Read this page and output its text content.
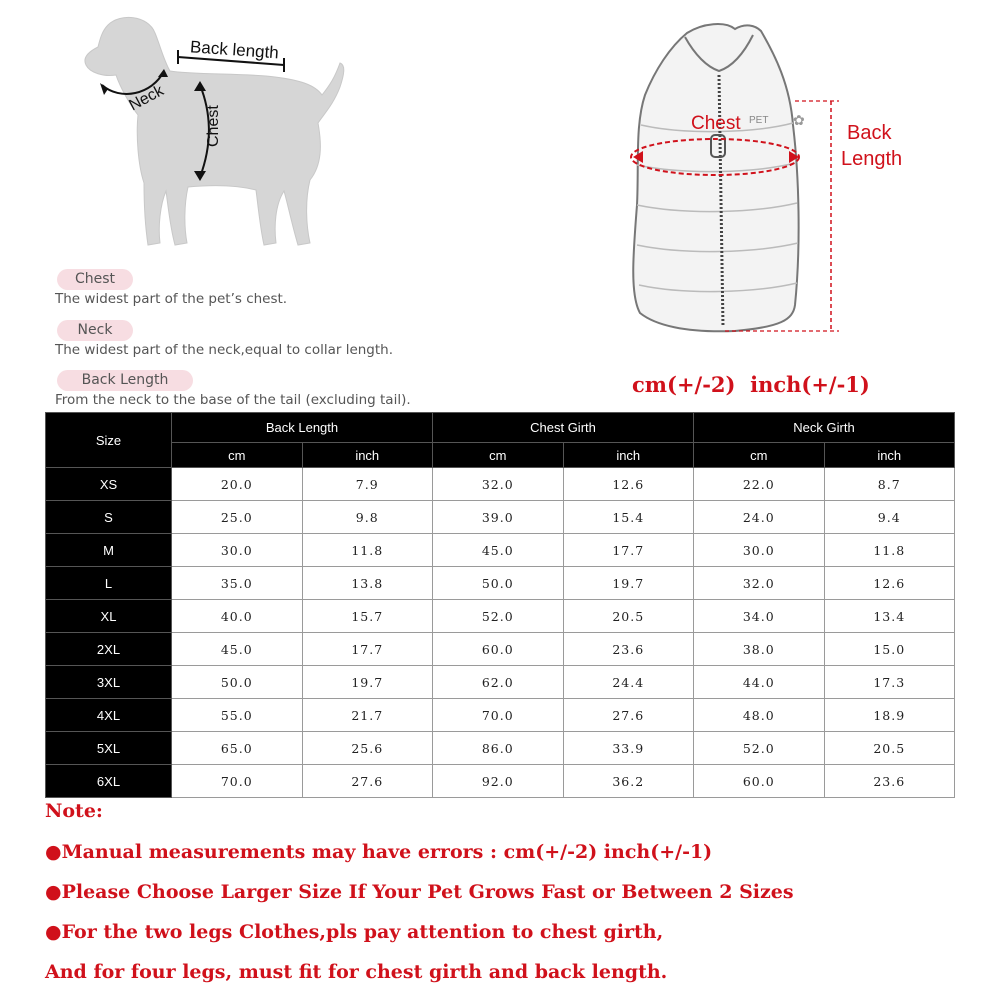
Back length
Neck
Chest	PET ✿
Chest	Back
Length
Chest
The widest part of the pet’s chest.
Neck
The widest part of the neck,equal to collar length.
Back Length
From the neck to the base of the tail (excluding tail).
cm(+/-2)  inch(+/-1)
Size	Back Length		Chest Girth		Neck Girth	
	cm	inch	cm	inch	cm	inch
XS	20.0	7.9	32.0	12.6	22.0	8.7
S	25.0	9.8	39.0	15.4	24.0	9.4
M	30.0	11.8	45.0	17.7	30.0	11.8
L	35.0	13.8	50.0	19.7	32.0	12.6
XL	40.0	15.7	52.0	20.5	34.0	13.4
2XL	45.0	17.7	60.0	23.6	38.0	15.0
3XL	50.0	19.7	62.0	24.4	44.0	17.3
4XL	55.0	21.7	70.0	27.6	48.0	18.9
5XL	65.0	25.6	86.0	33.9	52.0	20.5
6XL	70.0	27.6	92.0	36.2	60.0	23.6
Note:
●Manual measurements may have errors : cm(+/-2) inch(+/-1)
●Please Choose Larger Size If Your Pet Grows Fast or Between 2 Sizes
●For the two legs Clothes,pls pay attention to chest girth,
And for four legs, must fit for chest girth and back length.
